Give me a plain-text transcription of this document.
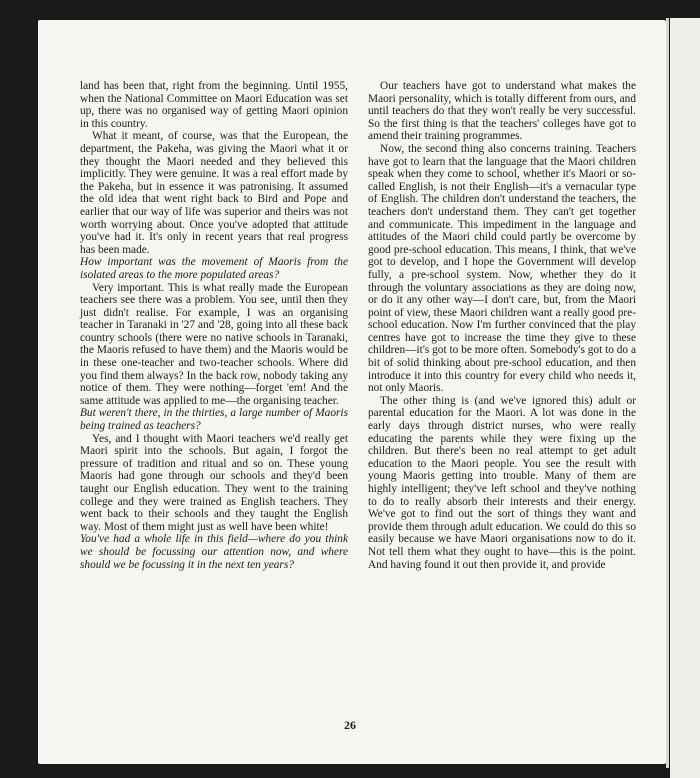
land has been that, right from the beginning. Until 1955, when the National Committee on Maori Education was set up, there was no organised way of getting Maori opinion in this country.

What it meant, of course, was that the European, the department, the Pakeha, was giving the Maori what it or they thought the Maori needed and they believed this implicitly. They were genuine. It was a real effort made by the Pakeha, but in essence it was patronising. It assumed the old idea that went right back to Bird and Pope and earlier that our way of life was superior and theirs was not worth worrying about. Once you've adopted that attitude you've had it. It's only in recent years that real progress has been made.

How important was the movement of Maoris from the isolated areas to the more populated areas?

Very important. This is what really made the European teachers see there was a problem. You see, until then they just didn't realise. For example, I was an organising teacher in Taranaki in '27 and '28, going into all these back country schools (there were no native schools in Taranaki, the Maoris refused to have them) and the Maoris would be in these one-teacher and two-teacher schools. Where did you find them always? In the back row, nobody taking any notice of them. They were nothing—forget 'em! And the same attitude was applied to me—the organising teacher.

But weren't there, in the thirties, a large number of Maoris being trained as teachers?

Yes, and I thought with Maori teachers we'd really get Maori spirit into the schools. But again, I forgot the pressure of tradition and ritual and so on. These young Maoris had gone through our schools and they'd been taught our English education. They went to the training college and they were trained as English teachers. They went back to their schools and they taught the English way. Most of them might just as well have been white!

You've had a whole life in this field—where do you think we should be focussing our attention now, and where should we be focussing it in the next ten years?

Our teachers have got to understand what makes the Maori personality, which is totally different from ours, and until teachers do that they won't really be very successful. So the first thing is that the teachers' colleges have got to amend their training programmes.

Now, the second thing also concerns training. Teachers have got to learn that the language that the Maori children speak when they come to school, whether it's Maori or so-called English, is not their English—it's a vernacular type of English. The children don't understand the teachers, the teachers don't understand them. They can't get together and communicate. This impediment in the language and attitudes of the Maori child could partly be overcome by good pre-school education. This means, I think, that we've got to develop, and I hope the Government will develop fully, a pre-school system. Now, whether they do it through the voluntary associations as they are doing now, or do it any other way—I don't care, but, from the Maori point of view, these Maori children want a really good pre-school education. Now I'm further convinced that the play centres have got to increase the time they give to these children—it's got to be more often. Somebody's got to do a bit of solid thinking about pre-school education, and then introduce it into this country for every child who needs it, not only Maoris.

The other thing is (and we've ignored this) adult or parental education for the Maori. A lot was done in the early days through district nurses, who were really educating the parents while they were fixing up the children. But there's been no real attempt to get adult education to the Maori people. You see the result with young Maoris getting into trouble. Many of them are highly intelligent; they've left school and they've nothing to do to really absorb their interests and their energy. We've got to find out the sort of things they want and provide them through adult education. We could do this so easily because we have Maori organisations now to do it. Not tell them what they ought to have—this is the point. And having found it out then provide it, and provide

26
